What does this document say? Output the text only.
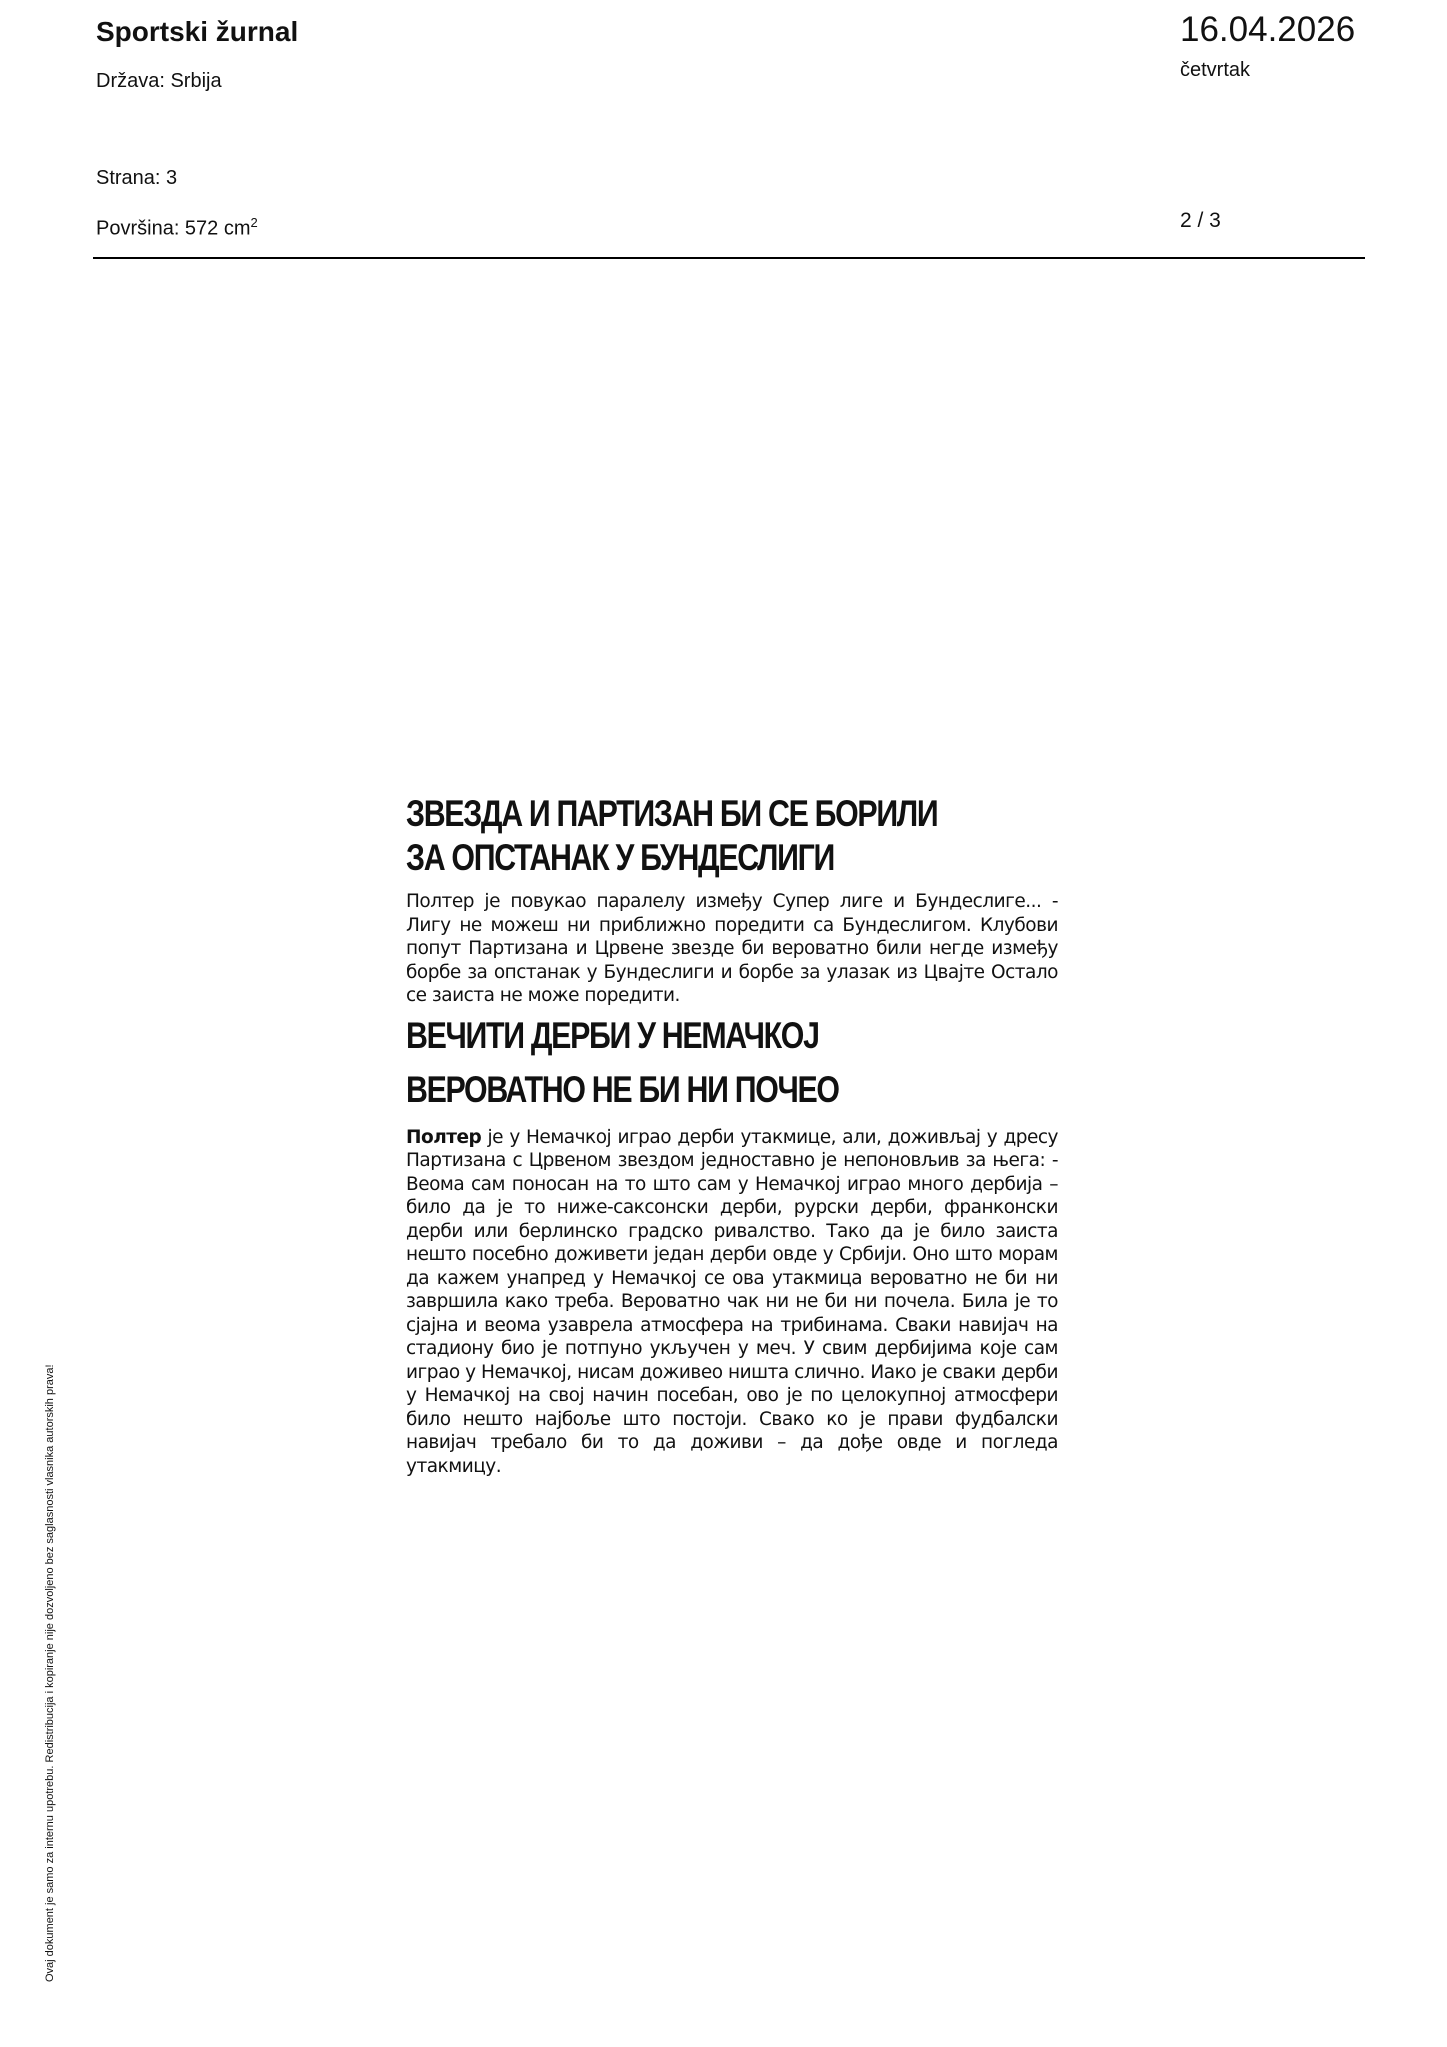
Sportski žurnal
Država: Srbija
Strana: 3
Površina: 572 $cm^2$
16.04.2026
četvrtak
2 / 3
Ovaj dokument je samo za internu upotrebu. Redistribucija i kopiranje nije dozvoljeno bez saglasnosti vlasnika autorskih prava!
ЗВЕЗДА И ПАРТИЗАН БИ СЕ БОРИЛИ
ЗА ОПСТАНАК У БУНДЕСЛИГИ

Полтер је повукао паралелу између Супер лиге и Бундеслиге... - Лигу не можеш ни приближно поредити са Бундеслигом. Клубови попут Партизана и Црвене звезде би вероватно били негде између борбе за опстанак у Бундеслиги и борбе за улазак из Цвајте Остало се заиста не може поредити.

ВЕЧИТИ ДЕРБИ У НЕМАЧКОЈ
ВЕРОВАТНО НЕ БИ НИ ПОЧЕО

Полтер је у Немачкој играо дерби утакмице, али, доживљај у дресу Партизана с Црвеном звездом једноставно је непоновљив за њега: - Веома сам поносан на то што сам у Немачкој играо много дербија – било да је то ниже-саксонски дерби, рурски дерби, франконски дерби или берлинско градско ривалство. Тако да је било заиста нешто посебно доживети један дерби овде у Србији. Оно што морам да кажем унапред у Немачкој се ова утакмица вероватно не би ни завршила како треба. Вероватно чак ни не би ни почела. Била је то сјајна и веома узаврела атмосфера на трибинама. Сваки навијач на стадиону био је потпуно укључен у меч. У свим дербијима које сам играо у Немачкој, нисам доживео ништа слично. Иако је сваки дерби у Немачкој на свој начин посебан, ово је по целокупној атмосфери било нешто најбоље што постоји. Свако ко је прави фудбалски навијач требало би то да доживи – да дође овде и погледа утакмицу.
